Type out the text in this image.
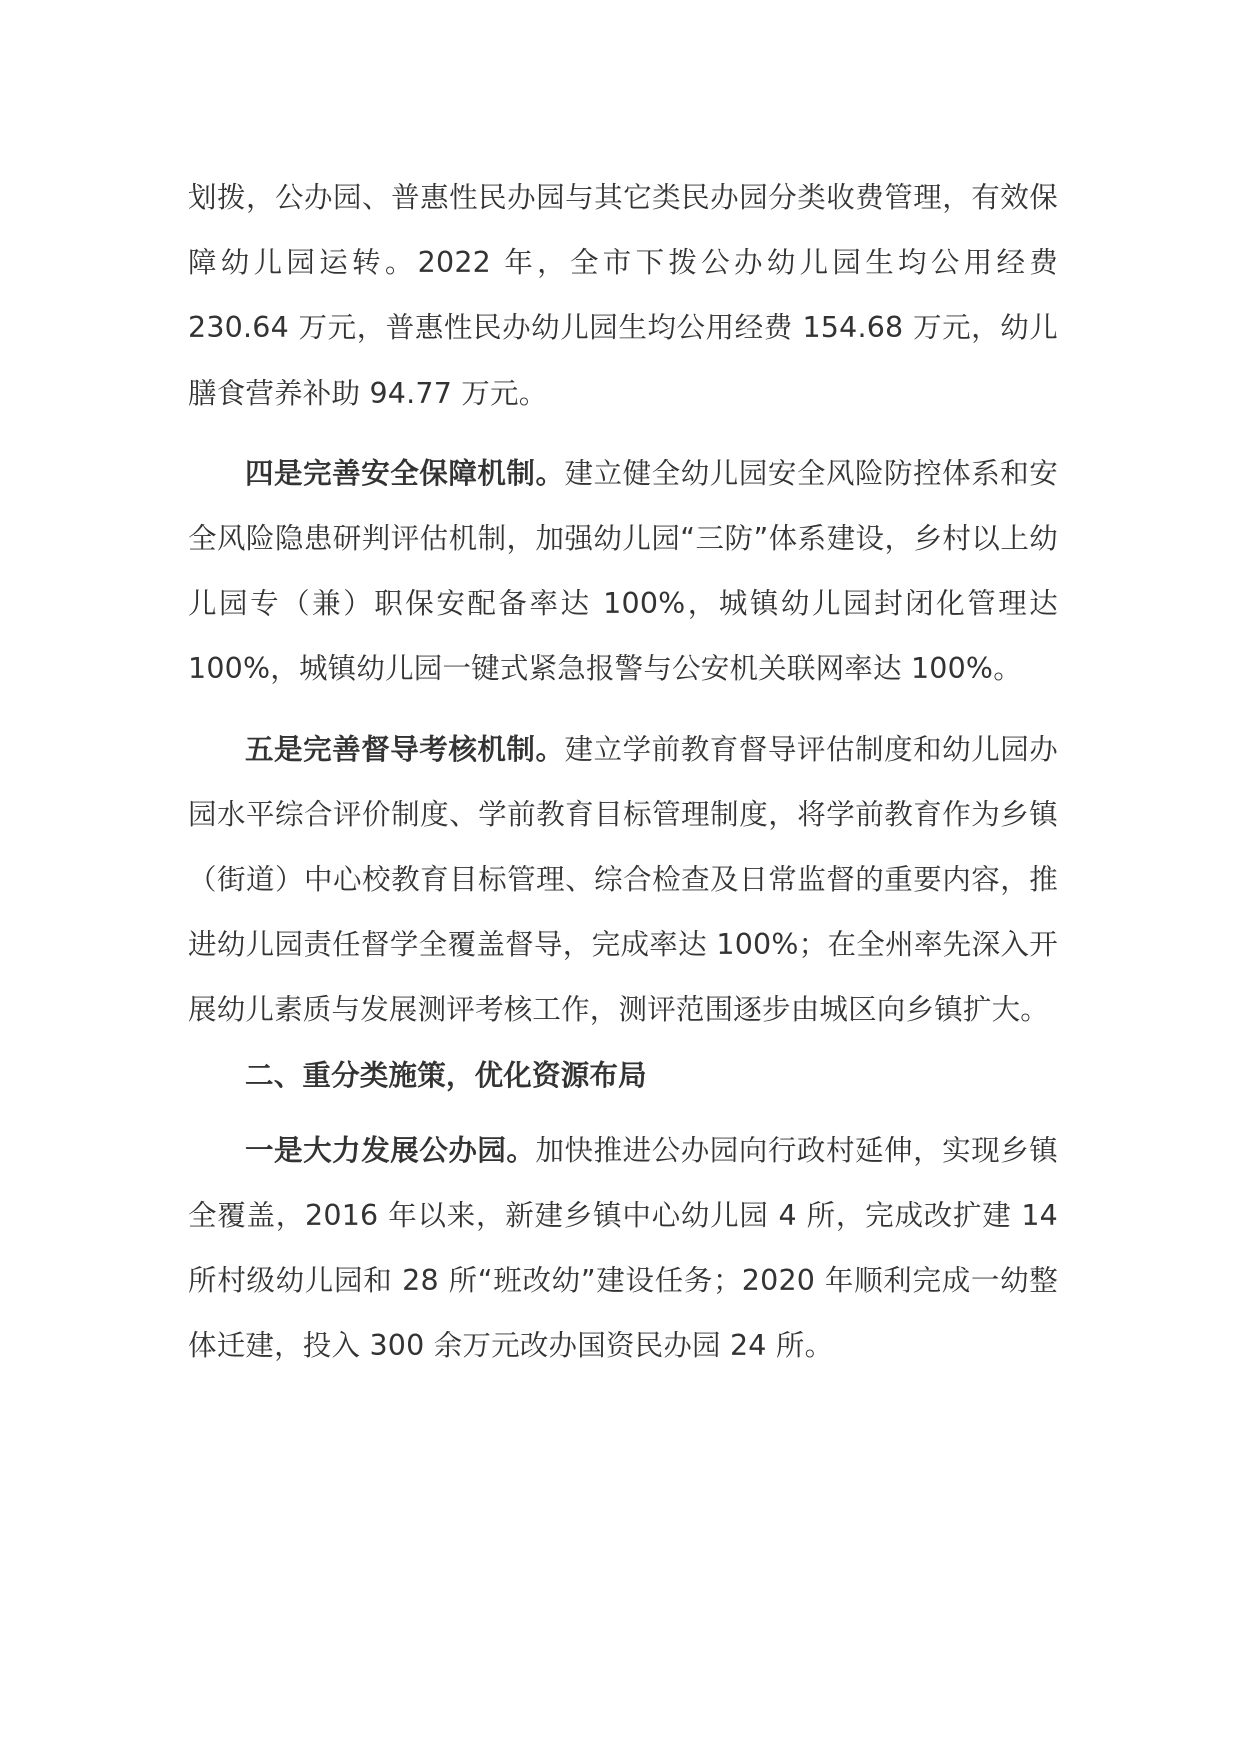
划拨，公办园、普惠性民办园与其它类民办园分类收费管理，有效保障幼儿园运转。2022 年，全市下拨公办幼儿园生均公用经费 230.64 万元，普惠性民办幼儿园生均公用经费 154.68 万元，幼儿膳食营养补助 94.77 万元。

四是完善安全保障机制。建立健全幼儿园安全风险防控体系和安全风险隐患研判评估机制，加强幼儿园“三防”体系建设，乡村以上幼儿园专（兼）职保安配备率达 100%，城镇幼儿园封闭化管理达 100%，城镇幼儿园一键式紧急报警与公安机关联网率达 100%。

五是完善督导考核机制。建立学前教育督导评估制度和幼儿园办园水平综合评价制度、学前教育目标管理制度，将学前教育作为乡镇（街道）中心校教育目标管理、综合检查及日常监督的重要内容，推进幼儿园责任督学全覆盖督导，完成率达 100%；在全州率先深入开展幼儿素质与发展测评考核工作，测评范围逐步由城区向乡镇扩大。

二、重分类施策，优化资源布局

一是大力发展公办园。加快推进公办园向行政村延伸，实现乡镇全覆盖，2016 年以来，新建乡镇中心幼儿园 4 所，完成改扩建 14 所村级幼儿园和 28 所“班改幼”建设任务；2020 年顺利完成一幼整体迁建，投入 300 余万元改办国资民办园 24 所。
